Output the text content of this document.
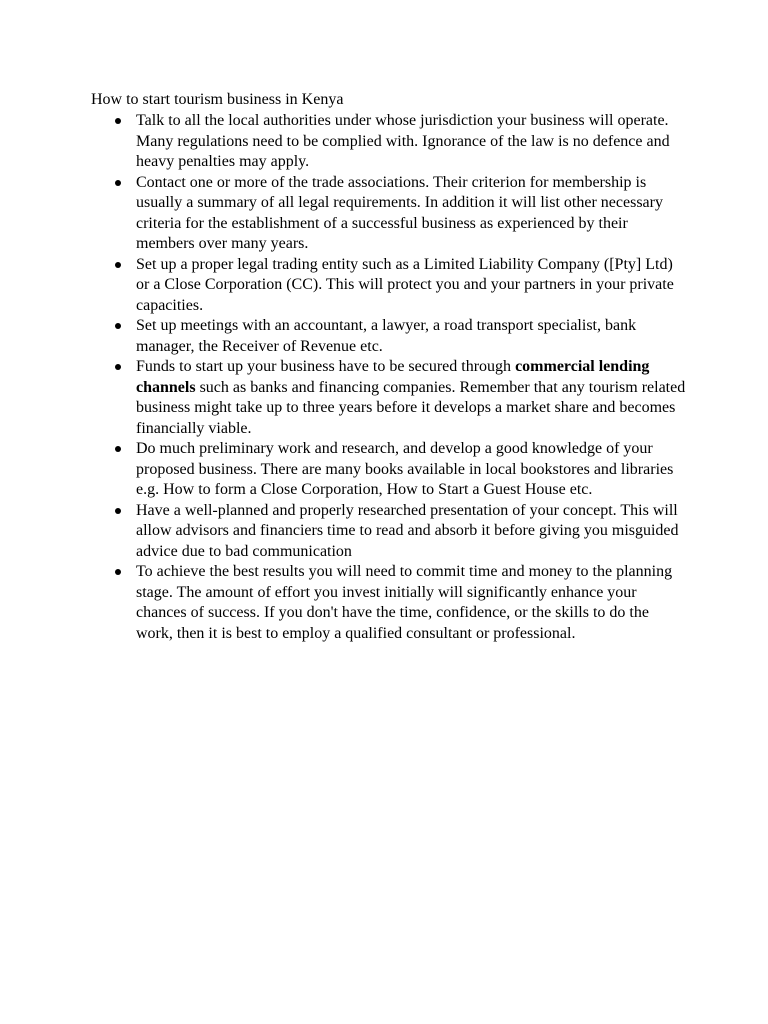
How to start tourism business in Kenya
Talk to all the local authorities under whose jurisdiction your business will operate. Many regulations need to be complied with. Ignorance of the law is no defence and heavy penalties may apply.
Contact one or more of the trade associations. Their criterion for membership is usually a summary of all legal requirements. In addition it will list other necessary criteria for the establishment of a successful business as experienced by their members over many years.
Set up a proper legal trading entity such as a Limited Liability Company ([Pty] Ltd) or a Close Corporation (CC). This will protect you and your partners in your private capacities.
Set up meetings with an accountant, a lawyer, a road transport specialist, bank manager, the Receiver of Revenue etc.
Funds to start up your business have to be secured through commercial lending channels such as banks and financing companies. Remember that any tourism related business might take up to three years before it develops a market share and becomes financially viable.
Do much preliminary work and research, and develop a good knowledge of your proposed business. There are many books available in local bookstores and libraries e.g. How to form a Close Corporation, How to Start a Guest House etc.
Have a well-planned and properly researched presentation of your concept. This will allow advisors and financiers time to read and absorb it before giving you misguided advice due to bad communication
To achieve the best results you will need to commit time and money to the planning stage. The amount of effort you invest initially will significantly enhance your chances of success. If you don't have the time, confidence, or the skills to do the work, then it is best to employ a qualified consultant or professional.
